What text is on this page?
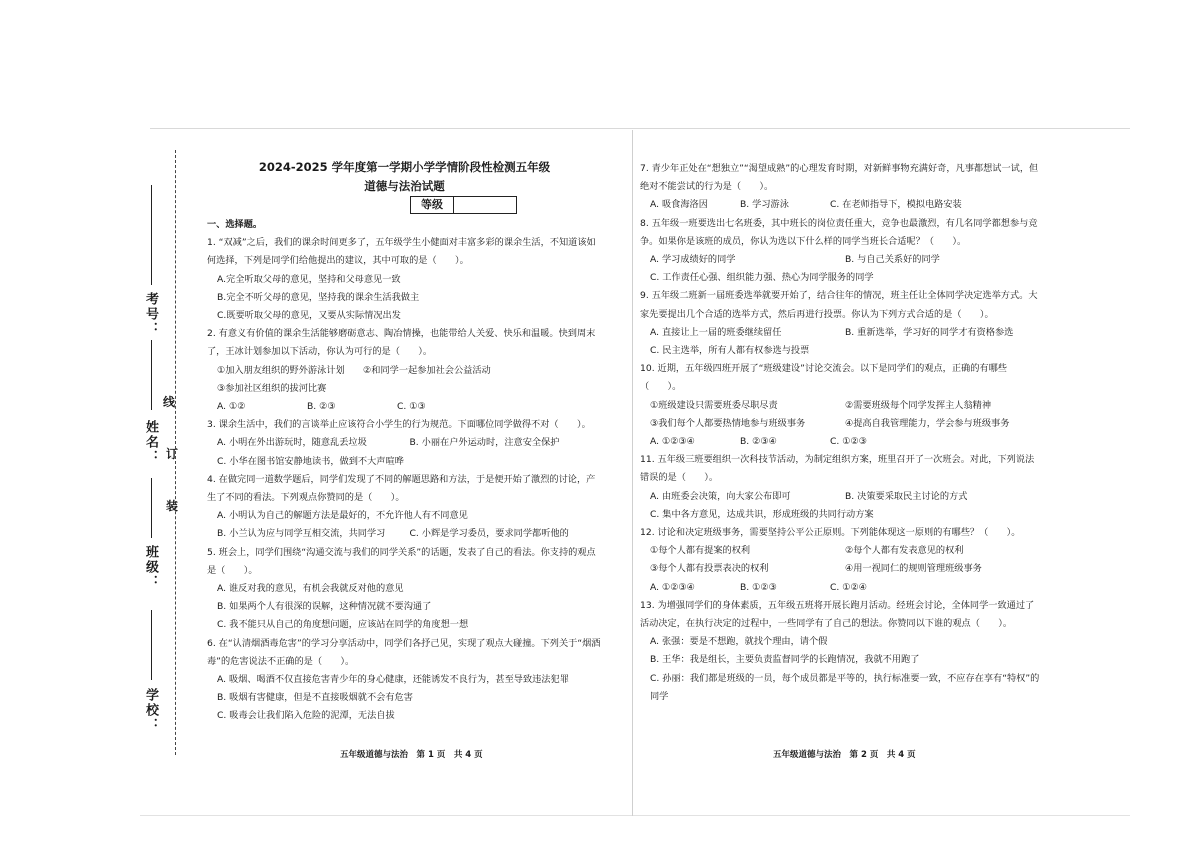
考号：
姓名：
班级：
学校：
线
订
装
2024-2025 学年度第一学期小学学情阶段性检测五年级
道德与法治试题
等级
一、选择题。
1. “双减”之后，我们的课余时间更多了，五年级学生小健面对丰富多彩的课余生活，不知道该如何选择，下列是同学们给他提出的建议，其中可取的是（　　）。
A.完全听取父母的意见，坚持和父母意见一致
B.完全不听父母的意见，坚持我的课余生活我做主
C.既要听取父母的意见，又要从实际情况出发
2. 有意义有价值的课余生活能够磨砺意志、陶冶情操，也能带给人关爱、快乐和温暖。快到周末了，王冰计划参加以下活动，你认为可行的是（　　）。
①加入朋友组织的野外游泳计划　　②和同学一起参加社会公益活动
③参加社区组织的拔河比赛
A. ①②	B. ②③	C. ①③
3. 课余生活中，我们的言谈举止应该符合小学生的行为规范。下面哪位同学做得不对（　　）。
A. 小明在外出游玩时，随意乱丢垃圾	B. 小丽在户外运动时，注意安全保护
C. 小华在图书馆安静地读书，做到不大声喧哗
4. 在做完同一道数学题后，同学们发现了不同的解题思路和方法，于是便开始了激烈的讨论，产生了不同的看法。下列观点你赞同的是（　　）。
A. 小明认为自己的解题方法是最好的，不允许他人有不同意见
B. 小兰认为应与同学互相交流，共同学习	C. 小辉是学习委员，要求同学都听他的
5. 班会上，同学们围绕“沟通交流与我们的同学关系”的话题，发表了自己的看法。你支持的观点是（　　）。
A. 谁反对我的意见，有机会我就反对他的意见
B. 如果两个人有很深的误解，这种情况就不要沟通了
C. 我不能只从自己的角度想问题，应该站在同学的角度想一想
6. 在“认清烟酒毒危害”的学习分享活动中，同学们各抒己见，实现了观点大碰撞。下列关于“烟酒毒”的危害说法不正确的是（　　）。
A. 吸烟、喝酒不仅直接危害青少年的身心健康，还能诱发不良行为，甚至导致违法犯罪
B. 吸烟有害健康，但是不直接吸烟就不会有危害
C. 吸毒会让我们陷入危险的泥潭，无法自拔
7. 青少年正处在“想独立”“渴望成熟”的心理发育时期，对新鲜事物充满好奇，凡事都想试一试，但绝对不能尝试的行为是（　　）。
A. 吸食海洛因	B. 学习游泳	C. 在老师指导下，模拟电路安装
8. 五年级一班要选出七名班委，其中班长的岗位责任重大，竞争也最激烈，有几名同学都想参与竞争。如果你是该班的成员，你认为选以下什么样的同学当班长合适呢？（　　）。
A. 学习成绩好的同学	B. 与自己关系好的同学
C. 工作责任心强、组织能力强、热心为同学服务的同学
9. 五年级二班新一届班委选举就要开始了，结合往年的情况，班主任让全体同学决定选举方式。大家先要提出几个合适的选举方式，然后再进行投票。你认为下列方式合适的是（　　）。
A. 直接让上一届的班委继续留任	B. 重新选举，学习好的同学才有资格参选
C. 民主选举，所有人都有权参选与投票
10. 近期，五年级四班开展了“班级建设”讨论交流会。以下是同学们的观点，正确的有哪些（　　）。
①班级建设只需要班委尽职尽责	②需要班级每个同学发挥主人翁精神
③我们每个人都要热情地参与班级事务	④提高自我管理能力，学会参与班级事务
A. ①②③④	B. ②③④	C. ①②③
11. 五年级三班要组织一次科技节活动，为制定组织方案，班里召开了一次班会。对此，下列说法错误的是（　　）。
A. 由班委会决策，向大家公布即可	B. 决策要采取民主讨论的方式
C. 集中各方意见，达成共识，形成班级的共同行动方案
12. 讨论和决定班级事务，需要坚持公平公正原则。下列能体现这一原则的有哪些？（　　）。
①每个人都有提案的权利	②每个人都有发表意见的权利
③每个人都有投票表决的权利	④用一视同仁的规则管理班级事务
A. ①②③④	B. ①②③	C. ①②④
13. 为增强同学们的身体素质，五年级五班将开展长跑月活动。经班会讨论，全体同学一致通过了活动决定，在执行决定的过程中，一些同学有了自己的想法。你赞同以下谁的观点（　　）。
A. 张强：要是不想跑，就找个理由，请个假
B. 王华：我是组长，主要负责监督同学的长跑情况，我就不用跑了
C. 孙丽：我们都是班级的一员，每个成员都是平等的，执行标准要一致，不应存在享有“特权”的同学
五年级道德与法治　第 1 页　共 4 页	五年级道德与法治　第 2 页　共 4 页
